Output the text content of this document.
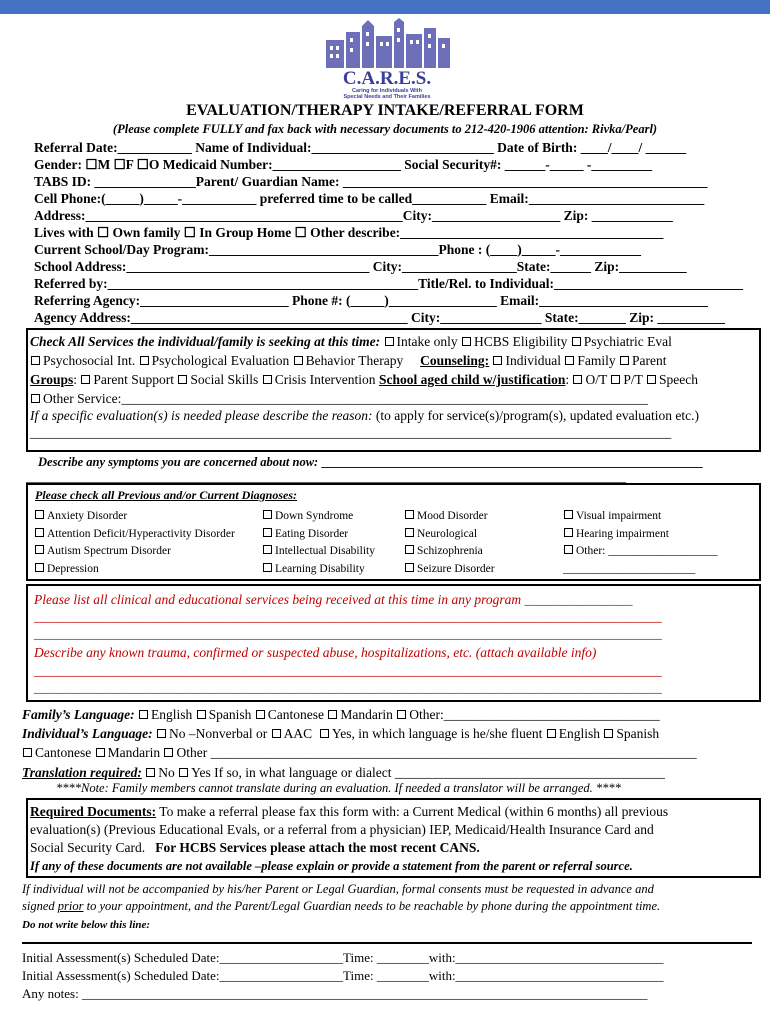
C.A.R.E.S.
Caring for Individuals With
Special Needs and Their Families
EVALUATION/THERAPY INTAKE/REFERRAL FORM
(Please complete FULLY and fax back with necessary documents to 212-420-1906 attention: Rivka/Pearl)
Referral Date:___________ Name of Individual:___________________________ Date of Birth: ____/____/ ______
Gender: ☐M ☐F ☐O Medicaid Number:___________________ Social Security#: ______-_____ -_________
TABS ID: _______________Parent/ Guardian Name: ______________________________________________________
Cell Phone:(_____)_____-___________ preferred time to be called___________ Email:__________________________
Address:_______________________________________________City:___________________ Zip: ____________
Lives with ☐ Own family ☐ In Group Home ☐ Other describe:_______________________________________
Current School/Day Program:__________________________________Phone : (____)_____-____________
School Address:____________________________________ City:_________________State:______ Zip:__________
Referred by:______________________________________________Title/Rel. to Individual:____________________________
Referring Agency:______________________ Phone #: (_____)________________ Email:_________________________
Agency Address:_________________________________________ City:_______________ State:_______ Zip: __________
Check All Services the individual/family is seeking at this time: Intake only HCBS Eligibility Psychiatric Eval
Psychosocial Int. Psychological Evaluation Behavior Therapy Counseling: Individual Family Parent
Groups: Parent Support Social Skills Crisis Intervention School aged child w/justification: O/T P/T Speech
Other Service:______________________________________________________________________________
If a specific evaluation(s) is needed please describe the reason: (to apply for service(s)/program(s), updated evaluation etc.)
_______________________________________________________________________________________________
Describe any symptoms you are concerned about now: _____________________________________________________________
________________________________________________________________________________________________
Please check all Previous and/or Current Diagnoses:
Anxiety Disorder
Attention Deficit/Hyperactivity Disorder
Autism Spectrum Disorder
Depression
Down Syndrome
Eating Disorder
Intellectual Disability
Learning Disability
Mood Disorder
Neurological
Schizophrenia
Seizure Disorder
Visual impairment
Hearing impairment
Other: ___________________
_______________________
Please list all clinical and educational services being received at this time in any program ________________
_____________________________________________________________________________________________
_____________________________________________________________________________________________
Describe any known trauma, confirmed or suspected abuse, hospitalizations, etc. (attach available info)
_____________________________________________________________________________________________
_____________________________________________________________________________________________
Family’s Language: English Spanish Cantonese Mandarin Other:________________________________
Individual’s Language: No –Nonverbal or AAC Yes, in which language is he/she fluent English Spanish
Cantonese Mandarin Other ________________________________________________________________________
Translation required: No Yes If so, in what language or dialect ________________________________________
****Note: Family members cannot translate during an evaluation. If needed a translator will be arranged. ****
Required Documents: To make a referral please fax this form with: a Current Medical (within 6 months) all previous
evaluation(s) (Previous Educational Evals, or a referral from a physician) IEP, Medicaid/Health Insurance Card and
Social Security Card. For HCBS Services please attach the most recent CANS.
If any of these documents are not available –please explain or provide a statement from the parent or referral source.
If individual will not be accompanied by his/her Parent or Legal Guardian, formal consents must be requested in advance and
signed prior to your appointment, and the Parent/Legal Guardian needs to be reachable by phone during the appointment time.
Do not write below this line:
Initial Assessment(s) Scheduled Date:___________________Time: ________with:________________________________
Initial Assessment(s) Scheduled Date:___________________Time: ________with:________________________________
Any notes: _______________________________________________________________________________________
